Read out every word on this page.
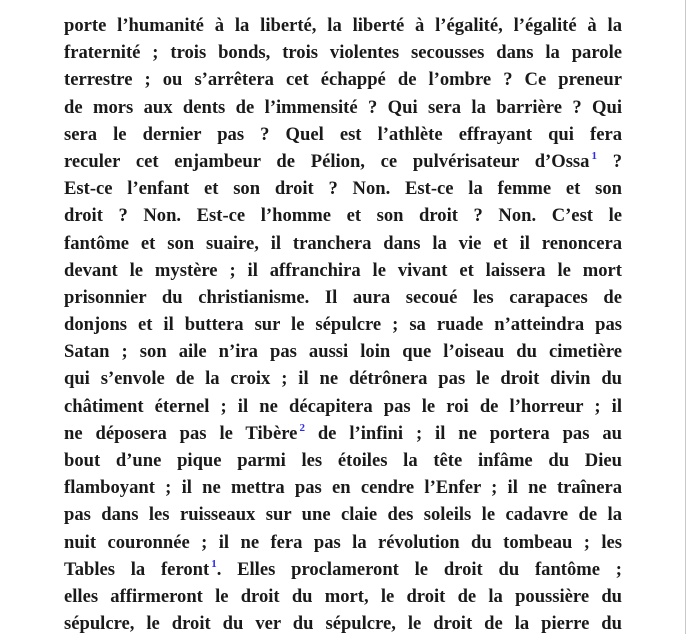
porte l’humanité à la liberté, la liberté à l’égalité, l’égalité à la
fraternité ; trois bonds, trois violentes secousses dans la parole
terrestre ; ou s’arrêtera cet échappé de l’ombre ? Ce preneur
de mors aux dents de l’immensité ? Qui sera la barrière ? Qui
sera le dernier pas ? Quel est l’athlète effrayant qui fera
reculer cet enjambeur de Pélion, ce pulvérisateur d’Ossa $^1$ ?
Est-ce l’enfant et son droit ? Non. Est-ce la femme et son
droit ? Non. Est-ce l’homme et son droit ? Non. C’est le
fantôme et son suaire, il tranchera dans la vie et il renoncera
devant le mystère ; il affranchira le vivant et laissera le mort
prisonnier du christianisme. Il aura secoué les carapaces de
donjons et il buttera sur le sépulcre ; sa ruade n’atteindra pas
Satan ; son aile n’ira pas aussi loin que l’oiseau du cimetière
qui s’envole de la croix ; il ne détrônera pas le droit divin du
châtiment éternel ; il ne décapitera pas le roi de l’horreur ; il
ne déposera pas le Tibère $^2$ de l’infini ; il ne portera pas au
bout d’une pique parmi les étoiles la tête infâme du Dieu
flamboyant ; il ne mettra pas en cendre l’Enfer ; il ne traînera
pas dans les ruisseaux sur une claie des soleils le cadavre de la
nuit couronnée ; il ne fera pas la révolution du tombeau ; les
Tables la feront $^1$. Elles proclameront le droit du fantôme ;
elles affirmeront le droit du mort, le droit de la poussière du
sépulcre, le droit du ver du sépulcre, le droit de la pierre du
